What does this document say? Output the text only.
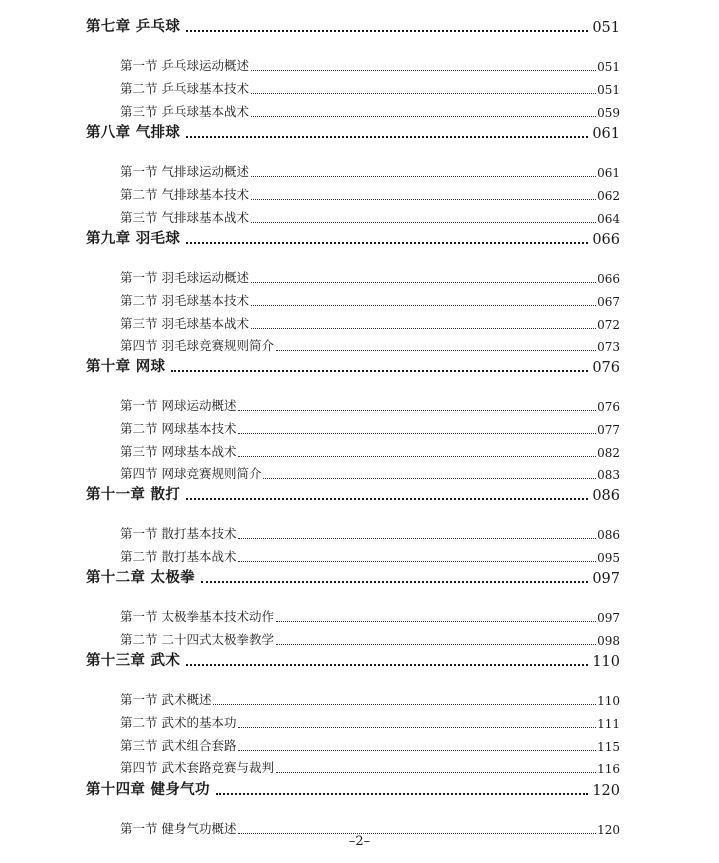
第七章 乒乓球	051
第一节 乒乓球运动概述	051
第二节 乒乓球基本技术	051
第三节 乒乓球基本战术	059
第八章 气排球	061
第一节 气排球运动概述	061
第二节 气排球基本技术	062
第三节 气排球基本战术	064
第九章 羽毛球	066
第一节 羽毛球运动概述	066
第二节 羽毛球基本技术	067
第三节 羽毛球基本战术	072
第四节 羽毛球竞赛规则简介	073
第十章 网球	076
第一节 网球运动概述	076
第二节 网球基本技术	077
第三节 网球基本战术	082
第四节 网球竞赛规则简介	083
第十一章 散打	086
第一节 散打基本技术	086
第二节 散打基本战术	095
第十二章 太极拳	097
第一节 太极拳基本技术动作	097
第二节 二十四式太极拳教学	098
第十三章 武术	110
第一节 武术概述	110
第二节 武术的基本功	111
第三节 武术组合套路	115
第四节 武术套路竞赛与裁判	116
第十四章 健身气功	120
第一节 健身气功概述	120
–2–
